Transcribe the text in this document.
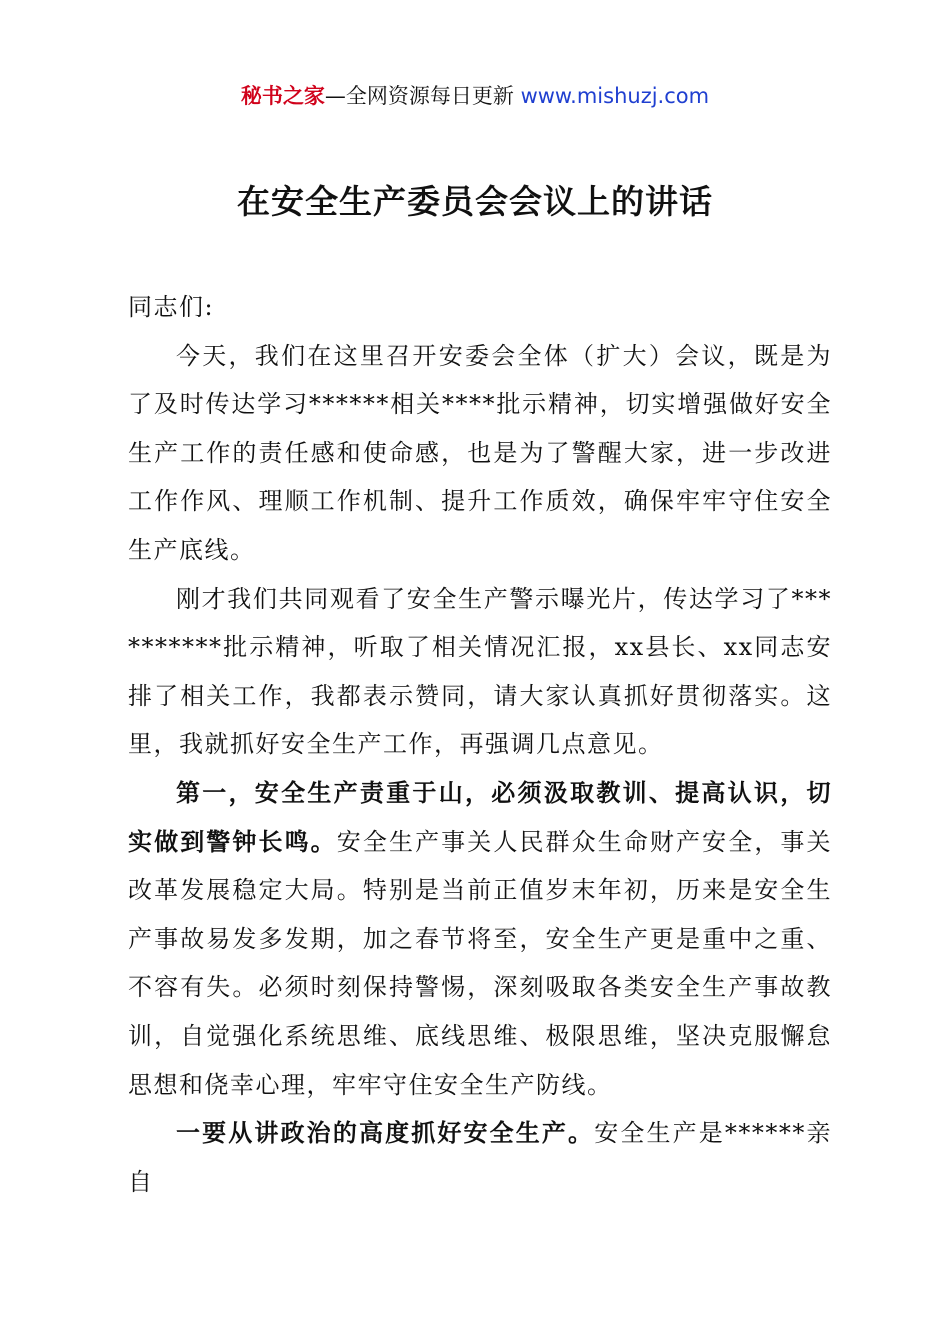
秘书之家—全网资源每日更新 www.mishuzj.com
在安全生产委员会会议上的讲话

同志们:

今天，我们在这里召开安委会全体（扩大）会议，既是为了及时传达学习******相关****批示精神，切实增强做好安全生产工作的责任感和使命感，也是为了警醒大家，进一步改进工作作风、理顺工作机制、提升工作质效，确保牢牢守住安全生产底线。

刚才我们共同观看了安全生产警示曝光片，传达学习了**********批示精神，听取了相关情况汇报，xx县长、xx同志安排了相关工作，我都表示赞同，请大家认真抓好贯彻落实。这里，我就抓好安全生产工作，再强调几点意见。

第一，安全生产责重于山，必须汲取教训、提高认识，切实做到警钟长鸣。安全生产事关人民群众生命财产安全，事关改革发展稳定大局。特别是当前正值岁末年初，历来是安全生产事故易发多发期，加之春节将至，安全生产更是重中之重、不容有失。必须时刻保持警惕，深刻吸取各类安全生产事故教训，自觉强化系统思维、底线思维、极限思维，坚决克服懈怠思想和侥幸心理，牢牢守住安全生产防线。

一要从讲政治的高度抓好安全生产。安全生产是******亲自
